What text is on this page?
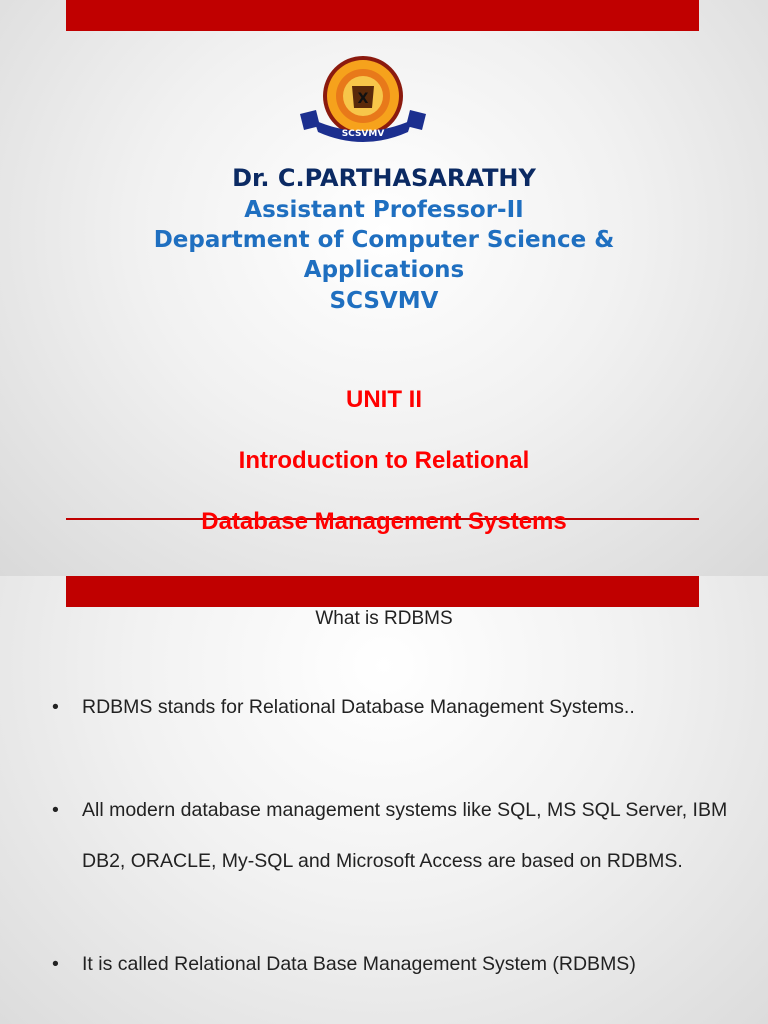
X
SCSVMV
Dr. C.PARTHASARATHY
Assistant Professor-II
Department of Computer Science & Applications
SCSVMV
UNIT II
Introduction to Relational
Database Management Systems
What is RDBMS
• RDBMS stands for Relational Database Management Systems..
• All modern database management systems like SQL, MS SQL Server, IBM DB2, ORACLE, My-SQL and Microsoft Access are based on RDBMS.
• It is called Relational Data Base Management System (RDBMS)
